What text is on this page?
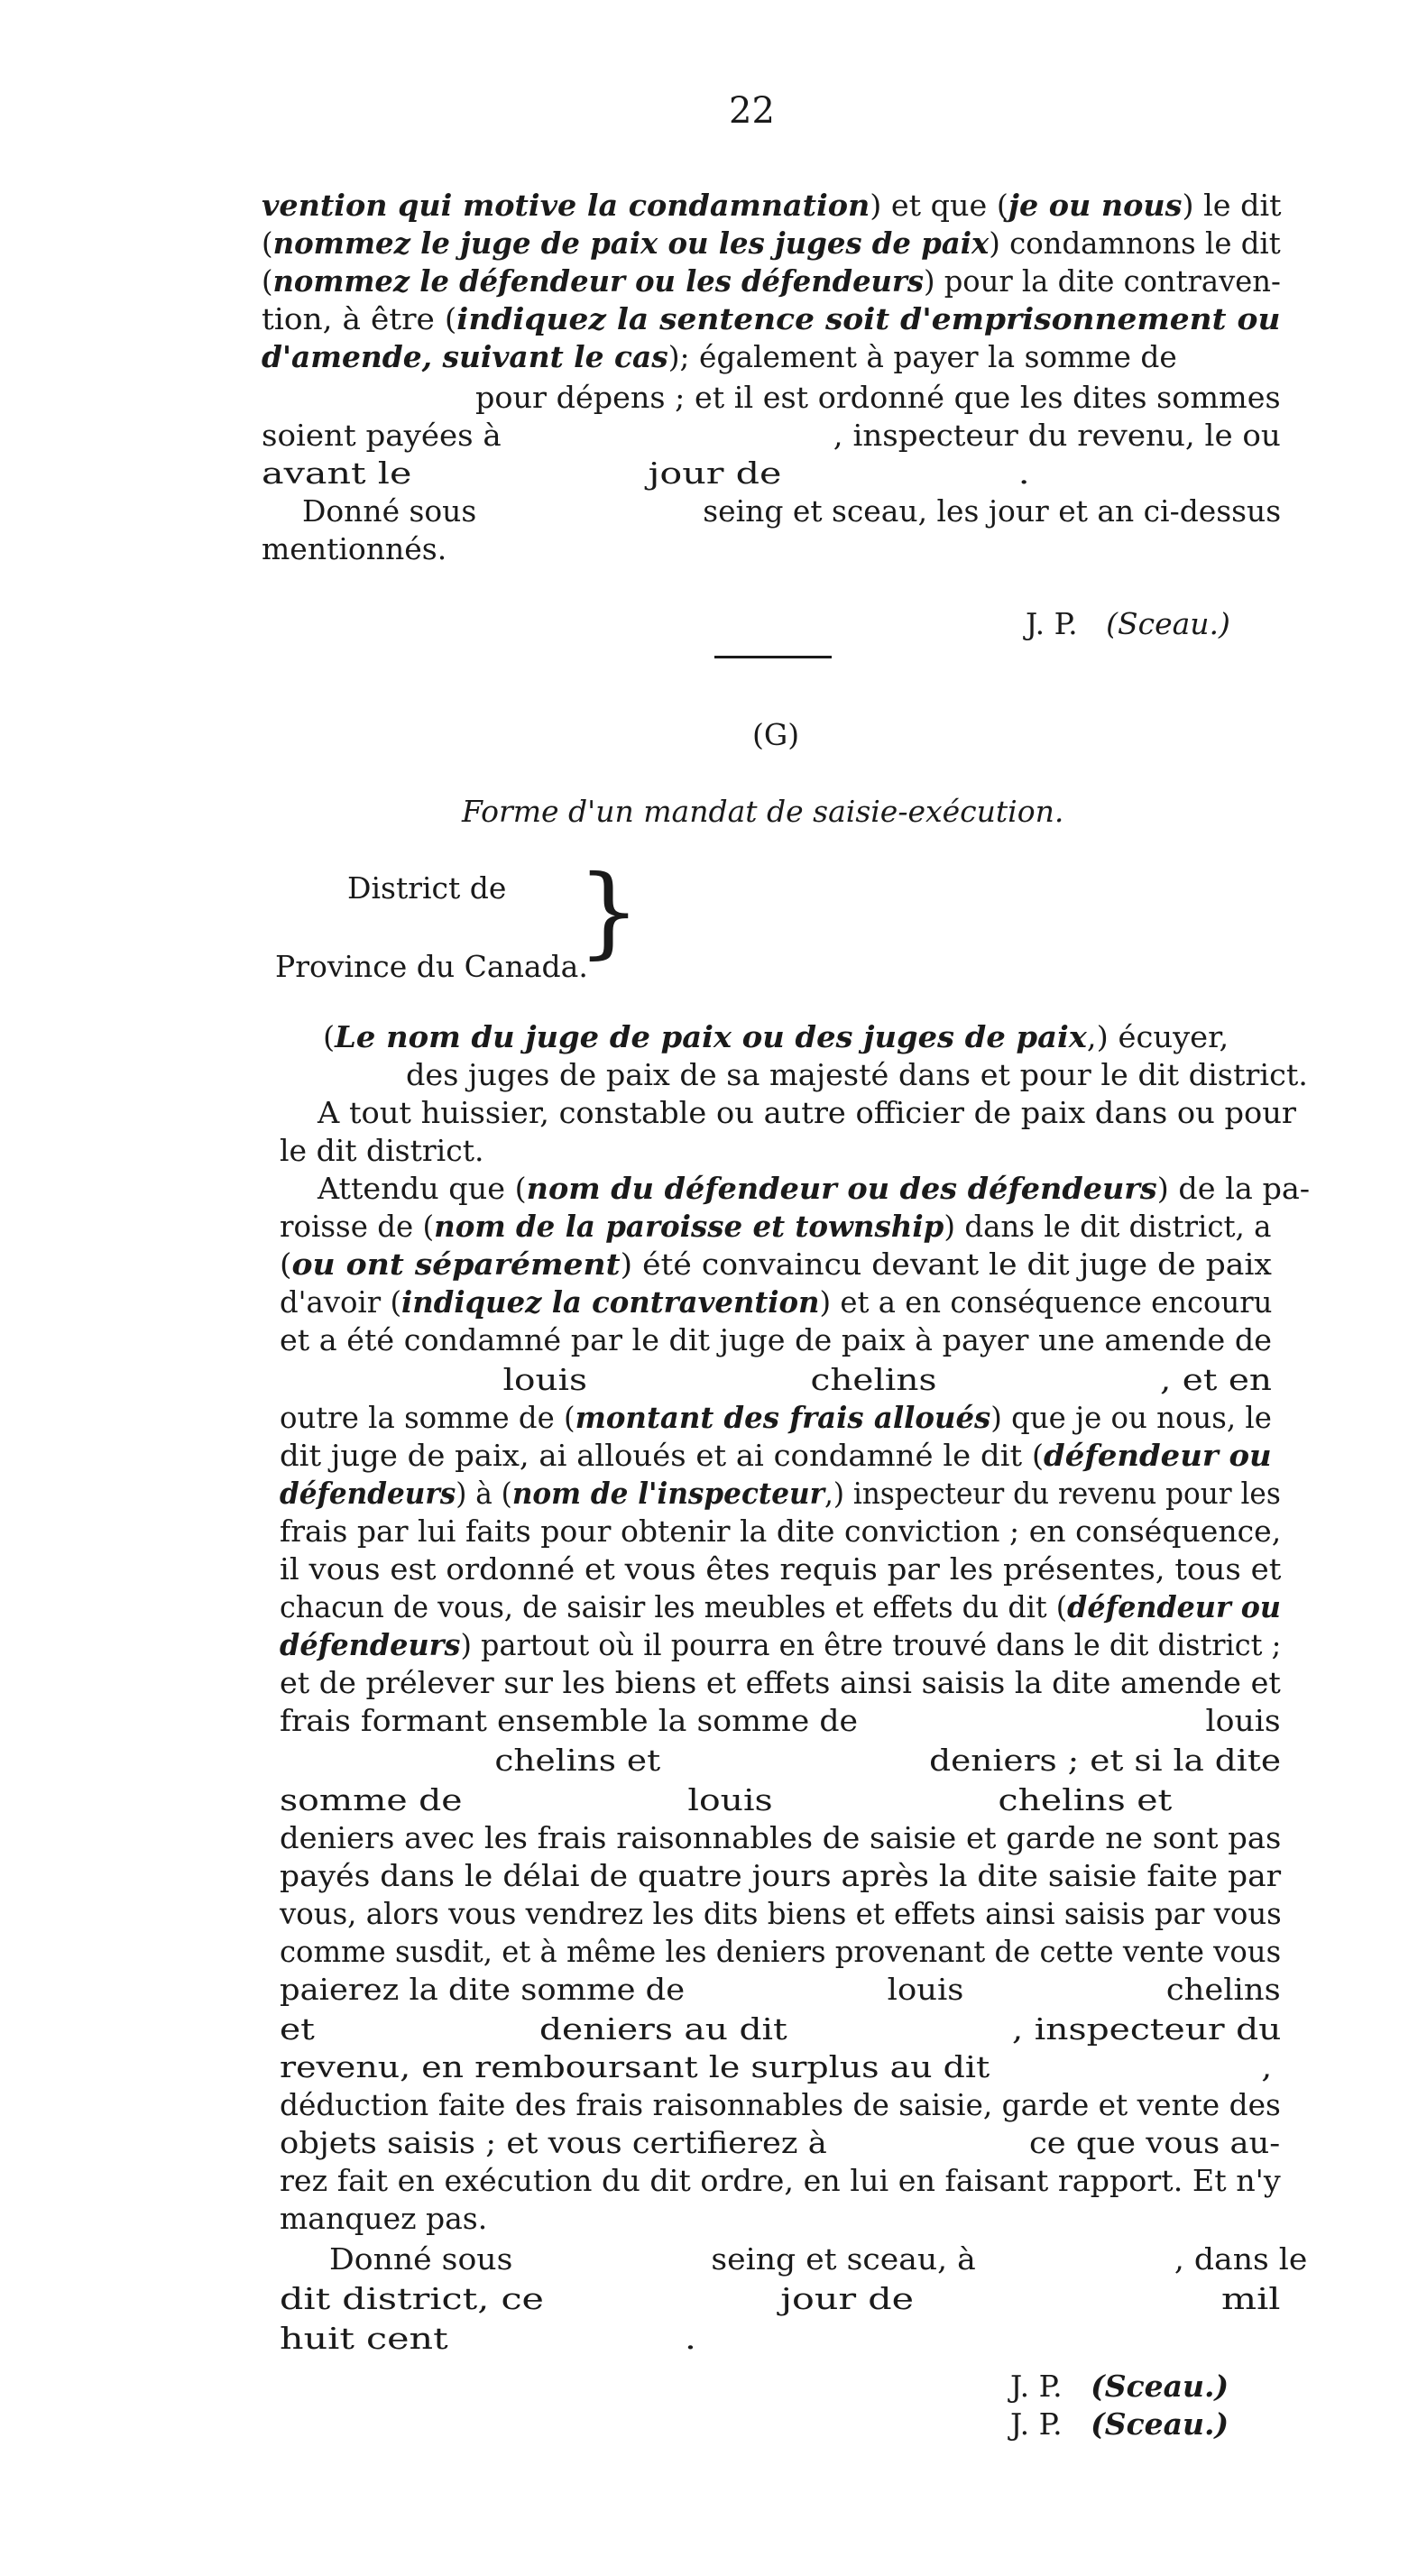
22
vention qui motive la condamnation) et que (je ou nous) le dit
(nommez le juge de paix ou les juges de paix) condamnons le dit
(nommez le défendeur ou les défendeurs) pour la dite contraven-
tion, à être (indiquez la sentence soit d'emprisonnement ou
d'amende, suivant le cas); également à payer la somme de
pour dépens ; et il est ordonné que les dites sommes
soient payées à                                  , inspecteur du revenu, le ou
avant le                    jour de                    .
Donné sous                        seing et sceau, les jour et an ci-dessus
mentionnés.

J. P. (Sceau.)

(G)
Forme d'un mandat de saisie-exécution.
District de
Province du Canada.
}
(Le nom du juge de paix ou des juges de paix,) écuyer,
des juges de paix de sa majesté dans et pour le dit district.
A tout huissier, constable ou autre officier de paix dans ou pour
le dit district.
Attendu que (nom du défendeur ou des défendeurs) de la pa-
roisse de (nom de la paroisse et township) dans le dit district, a
(ou ont séparément) été convaincu devant le dit juge de paix
d'avoir (indiquez la contravention) et a en conséquence encouru
et a été condamné par le dit juge de paix à payer une amende de
louis                    chelins                    , et en
outre la somme de (montant des frais alloués) que je ou nous, le
dit juge de paix, ai alloués et ai condamné le dit (défendeur ou
défendeurs) à (nom de l'inspecteur,) inspecteur du revenu pour les
frais par lui faits pour obtenir la dite conviction ; en conséquence,
il vous est ordonné et vous êtes requis par les présentes, tous et
chacun de vous, de saisir les meubles et effets du dit (défendeur ou
défendeurs) partout où il pourra en être trouvé dans le dit district ;
et de prélever sur les biens et effets ainsi saisis la dite amende et
frais formant ensemble la somme de                                   louis
chelins et                         deniers ; et si la dite
somme de                    louis                    chelins et
deniers avec les frais raisonnables de saisie et garde ne sont pas
payés dans le délai de quatre jours après la dite saisie faite par
vous, alors vous vendrez les dits biens et effets ainsi saisis par vous
comme susdit, et à même les deniers provenant de cette vente vous
paierez la dite somme de                    louis                    chelins
et                    deniers au dit                    , inspecteur du
revenu, en remboursant le surplus au dit                         ,
déduction faite des frais raisonnables de saisie, garde et vente des
objets saisis ; et vous certifierez à                    ce que vous au-
rez fait en exécution du dit ordre, en lui en faisant rapport. Et n'y
manquez pas.
Donné sous                    seing et sceau, à                    , dans le
dit district, ce                    jour de                          mil
huit cent                    .
J. P. (Sceau.)
J. P. (Sceau.)
